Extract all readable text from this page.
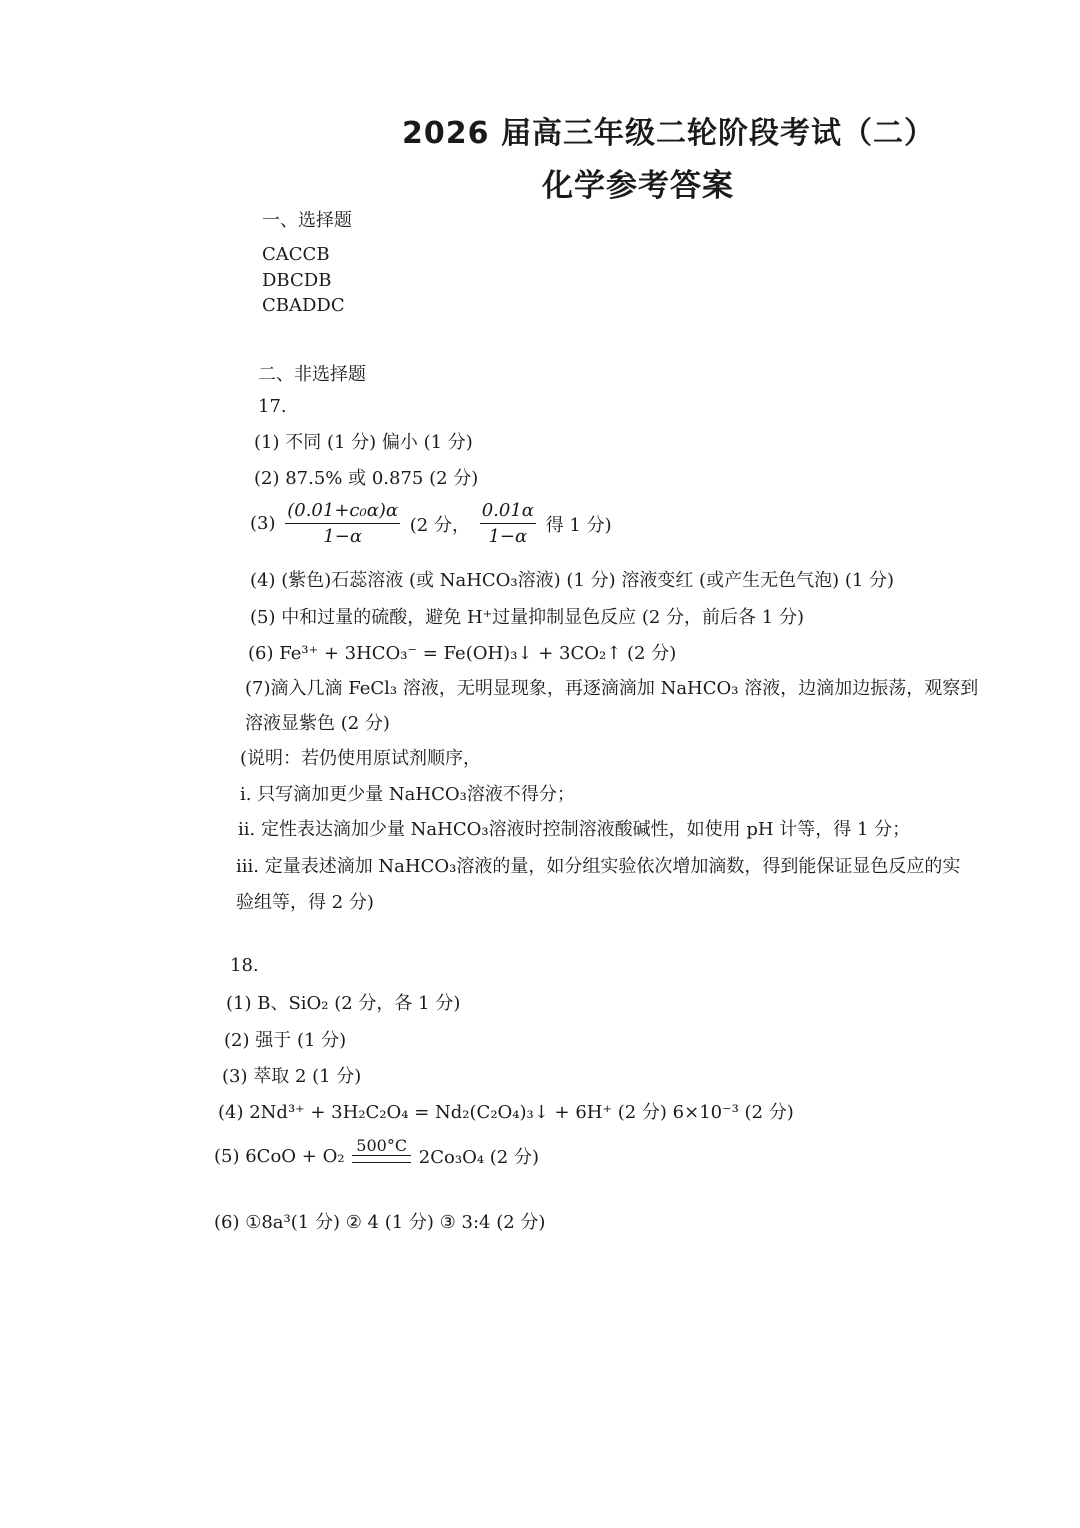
2026 届高三年级二轮阶段考试（二）
化学参考答案
一、选择题
CACCB
DBCDB
CBADDC
二、非选择题
17.
(1) 不同 (1 分) 偏小 (1 分)
(2) 87.5% 或 0.875 (2 分)
$(3) \frac{\text{(0.01+c₀α)α}}{1-\alpha} (2$ 分， $\frac{0.01\alpha}{1-\alpha}$ 得 1 分)
(4) (紫色)石蕊溶液 (或 NaHCO₃溶液) (1 分) 溶液变红 (或产生无色气泡) (1 分)
(5) 中和过量的硫酸，避免 H⁺过量抑制显色反应 (2 分，前后各 1 分)
(6) Fe³⁺ + 3HCO₃⁻ = Fe(OH)₃↓ + 3CO₂↑ (2 分)
(7)滴入几滴 FeCl₃ 溶液，无明显现象，再逐滴滴加 NaHCO₃ 溶液，边滴加边振荡，观察到
溶液显紫色 (2 分)
(说明：若仍使用原试剂顺序，
i. 只写滴加更少量 NaHCO₃溶液不得分；
ii. 定性表达滴加少量 NaHCO₃溶液时控制溶液酸碱性，如使用 pH 计等，得 1 分；
iii. 定量表述滴加 NaHCO₃溶液的量，如分组实验依次增加滴数，得到能保证显色反应的实
验组等，得 2 分)
18.
(1) B、SiO₂ (2 分，各 1 分)
(2) 强于 (1 分)
(3) 萃取 2 (1 分)
(4) 2Nd³⁺ + 3H₂C₂O₄ = Nd₂(C₂O₄)₃↓ + 6H⁺ (2 分) 6×10⁻³ (2 分)
(5) 6CoO + O₂ 500°C
2Co₃O₄ (2 分)
(6) ①8a³(1 分) ② 4 (1 分) ③ 3:4 (2 分)
